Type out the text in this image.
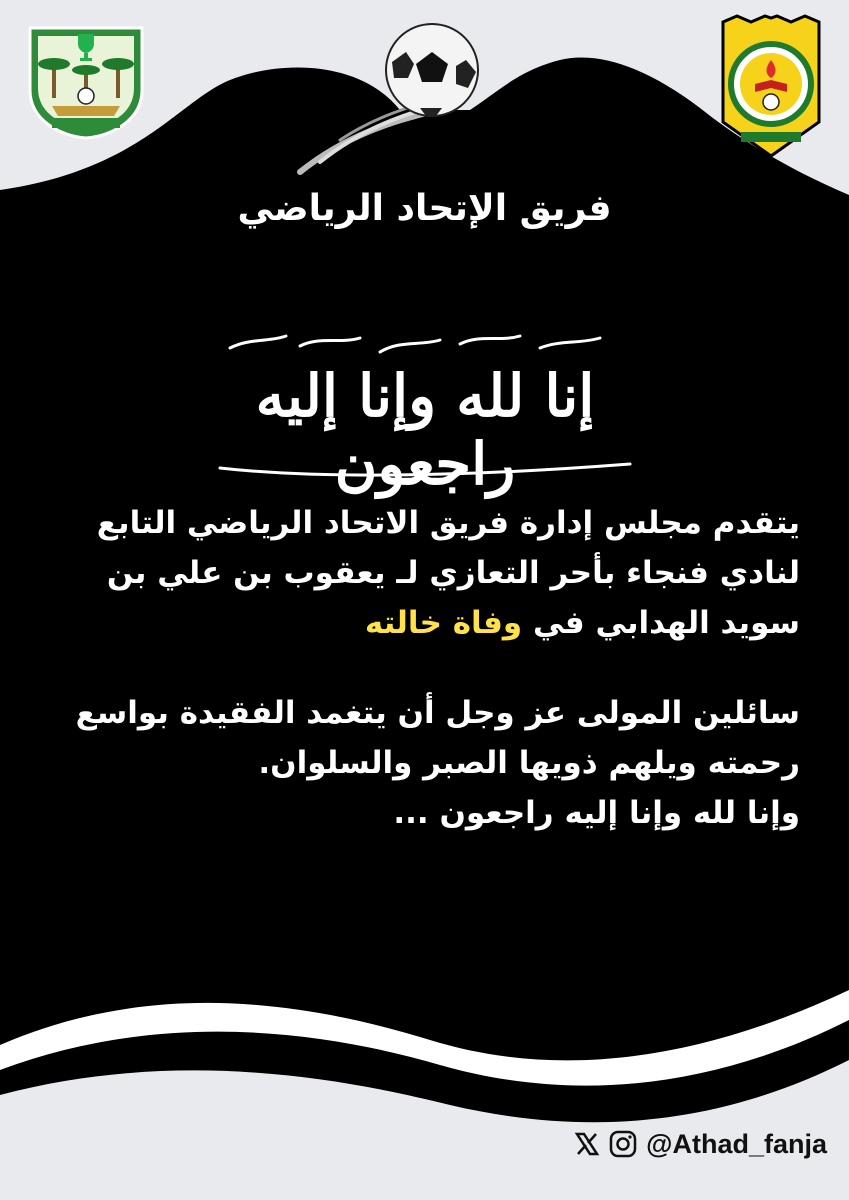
فريق الإتحاد الرياضي
إنا لله وإنا إليه راجعون

يتقدم مجلس إدارة فريق الاتحاد الرياضي التابع

لنادي فنجاء بأحر التعازي لـ يعقوب بن علي بن

سويد الهدابي في وفاة خالته

سائلين المولى عز وجل أن يتغمد الفقيدة بواسع

رحمته ويلهم ذويها الصبر والسلوان.

وإنا لله وإنا إليه راجعون ...

@Athad_fanja
